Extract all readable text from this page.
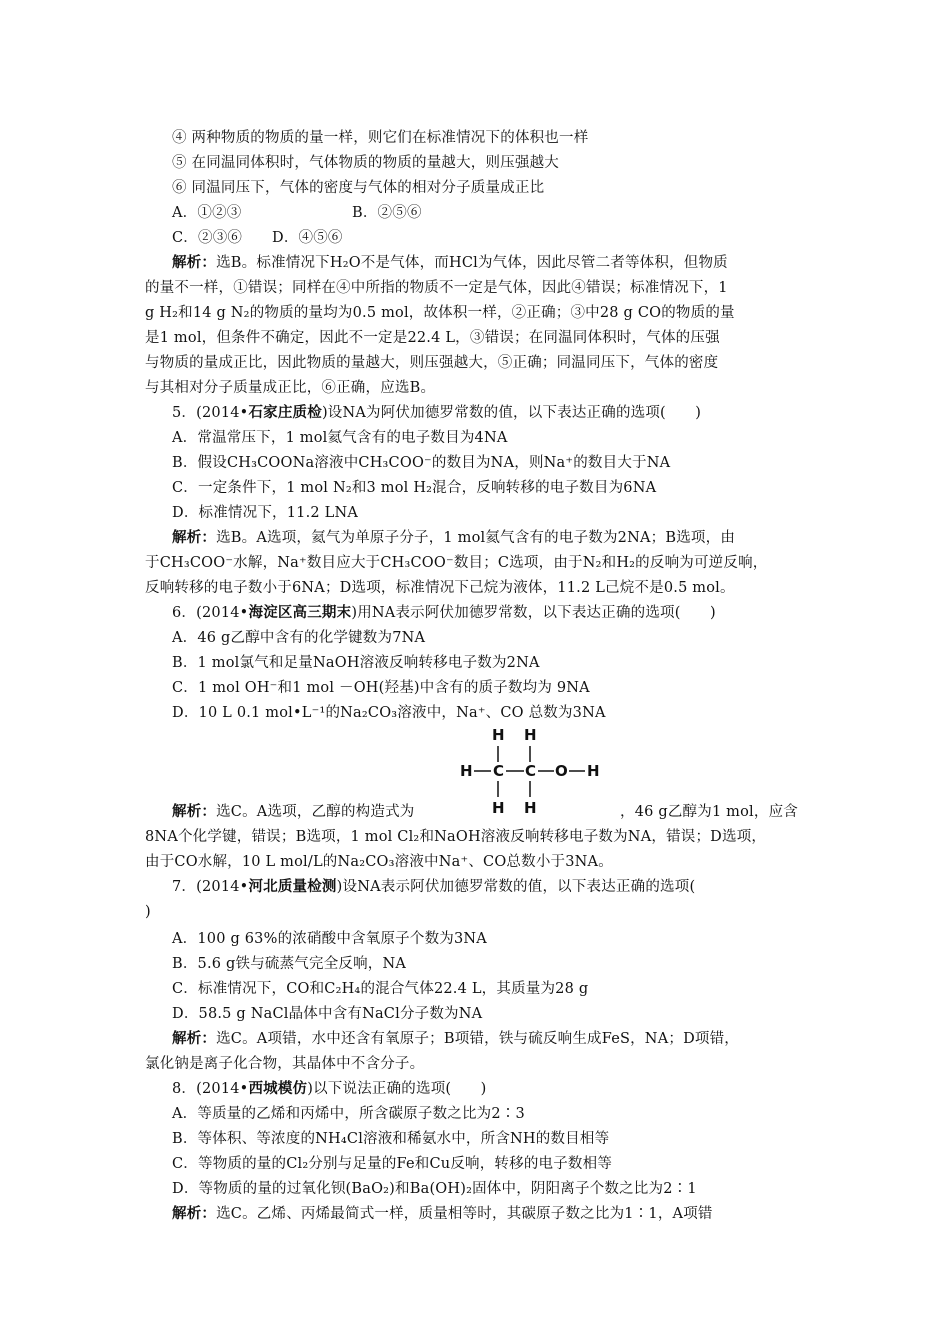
④ 两种物质的物质的量一样，则它们在标准情况下的体积也一样
⑤ 在同温同体积时，气体物质的物质的量越大，则压强越大
⑥ 同温同压下，气体的密度与气体的相对分子质量成正比
A．①②③	B．②⑤⑥
C．②③⑥	D．④⑤⑥
解析：选B。标准情况下H₂O不是气体，而HCl为气体，因此尽管二者等体积，但物质
的量不一样，①错误；同样在④中所指的物质不一定是气体，因此④错误；标准情况下，1
g H₂和14 g N₂的物质的量均为0.5 mol，故体积一样，②正确；③中28 g CO的物质的量
是1 mol，但条件不确定，因此不一定是22.4 L，③错误；在同温同体积时，气体的压强
与物质的量成正比，因此物质的量越大，则压强越大，⑤正确；同温同压下，气体的密度
与其相对分子质量成正比，⑥正确，应选B。
5．(2014•石家庄质检)设NA为阿伏加德罗常数的值，以下表达正确的选项(　　)
A．常温常压下，1 mol氦气含有的电子数目为4NA
B．假设CH₃COONa溶液中CH₃COO⁻的数目为NA，则Na⁺的数目大于NA
C．一定条件下，1 mol N₂和3 mol H₂混合，反响转移的电子数目为6NA
D．标准情况下，11.2 LNA
解析：选B。A选项，氦气为单原子分子，1 mol氦气含有的电子数为2NA；B选项，由
于CH₃COO⁻水解，Na⁺数目应大于CH₃COO⁻数目；C选项，由于N₂和H₂的反响为可逆反响，
反响转移的电子数小于6NA；D选项，标准情况下己烷为液体，11.2 L己烷不是0.5 mol。
6．(2014•海淀区高三期末)用NA表示阿伏加德罗常数，以下表达正确的选项(　　)
A．46 g乙醇中含有的化学键数为7NA
B．1 mol氯气和足量NaOH溶液反响转移电子数为2NA
C．1 mol OH⁻和1 mol －OH(羟基)中含有的质子数均为 9NA
D．10 L 0.1 mol•L⁻¹的Na₂CO₃溶液中，Na⁺、CO 总数为3NA
H H
H C C O H
H H
解析：选C。A选项，乙醇的构造式为	，46 g乙醇为1 mol，应含
8NA个化学键，错误；B选项，1 mol Cl₂和NaOH溶液反响转移电子数为NA，错误；D选项，
由于CO水解，10 L mol/L的Na₂CO₃溶液中Na⁺、CO总数小于3NA。
7．(2014•河北质量检测)设NA表示阿伏加德罗常数的值，以下表达正确的选项(
)
A．100 g 63%的浓硝酸中含氧原子个数为3NA
B．5.6 g铁与硫蒸气完全反响，NA
C．标准情况下，CO和C₂H₄的混合气体22.4 L，其质量为28 g
D．58.5 g NaCl晶体中含有NaCl分子数为NA
解析：选C。A项错，水中还含有氧原子；B项错，铁与硫反响生成FeS，NA；D项错，
氯化钠是离子化合物，其晶体中不含分子。
8．(2014•西城模仿)以下说法正确的选项(　　)
A．等质量的乙烯和丙烯中，所含碳原子数之比为2∶3
B．等体积、等浓度的NH₄Cl溶液和稀氨水中，所含NH的数目相等
C．等物质的量的Cl₂分别与足量的Fe和Cu反响，转移的电子数相等
D．等物质的量的过氧化钡(BaO₂)和Ba(OH)₂固体中，阴阳离子个数之比为2∶1
解析：选C。乙烯、丙烯最简式一样，质量相等时，其碳原子数之比为1∶1，A项错
